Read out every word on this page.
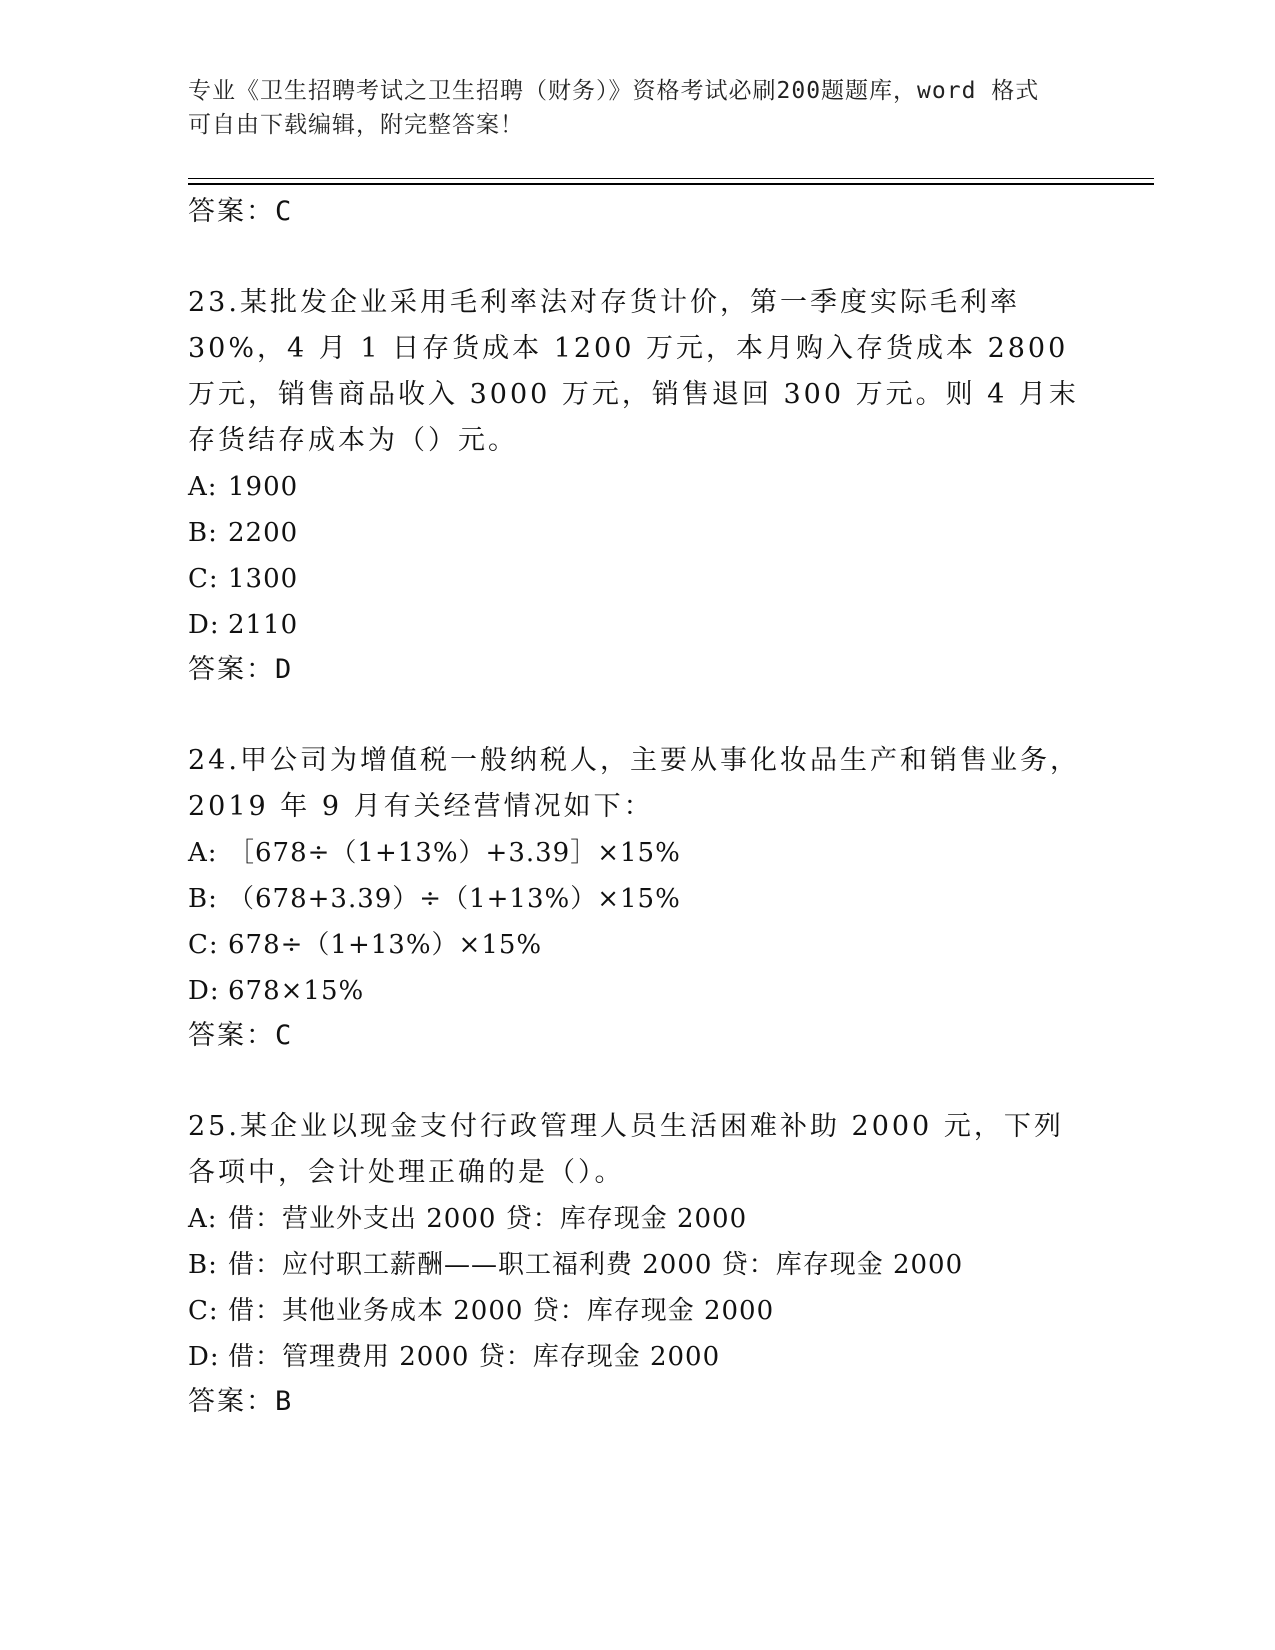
专业《卫生招聘考试之卫生招聘（财务）》资格考试必刷200题题库，word 格式
可自由下载编辑，附完整答案！
答案：C
23.某批发企业采用毛利率法对存货计价，第一季度实际毛利率 30%，4 月 1 日存货成本 1200 万元，本月购入存货成本 2800 万元，销售商品收入 3000 万元，销售退回 300 万元。则 4 月末存货结存成本为（）元。
A: 1900
B: 2200
C: 1300
D: 2110
答案：D
24.甲公司为增值税一般纳税人，主要从事化妆品生产和销售业务，2019 年 9 月有关经营情况如下：
A: ［678÷（1+13%）+3.39］×15%
B: （678+3.39）÷（1+13%）×15%
C: 678÷（1+13%）×15%
D: 678×15%
答案：C
25.某企业以现金支付行政管理人员生活困难补助 2000 元，下列各项中，会计处理正确的是（）。
A: 借：营业外支出 2000 贷：库存现金 2000
B: 借：应付职工薪酬——职工福利费 2000 贷：库存现金 2000
C: 借：其他业务成本 2000 贷：库存现金 2000
D: 借：管理费用 2000 贷：库存现金 2000
答案：B
